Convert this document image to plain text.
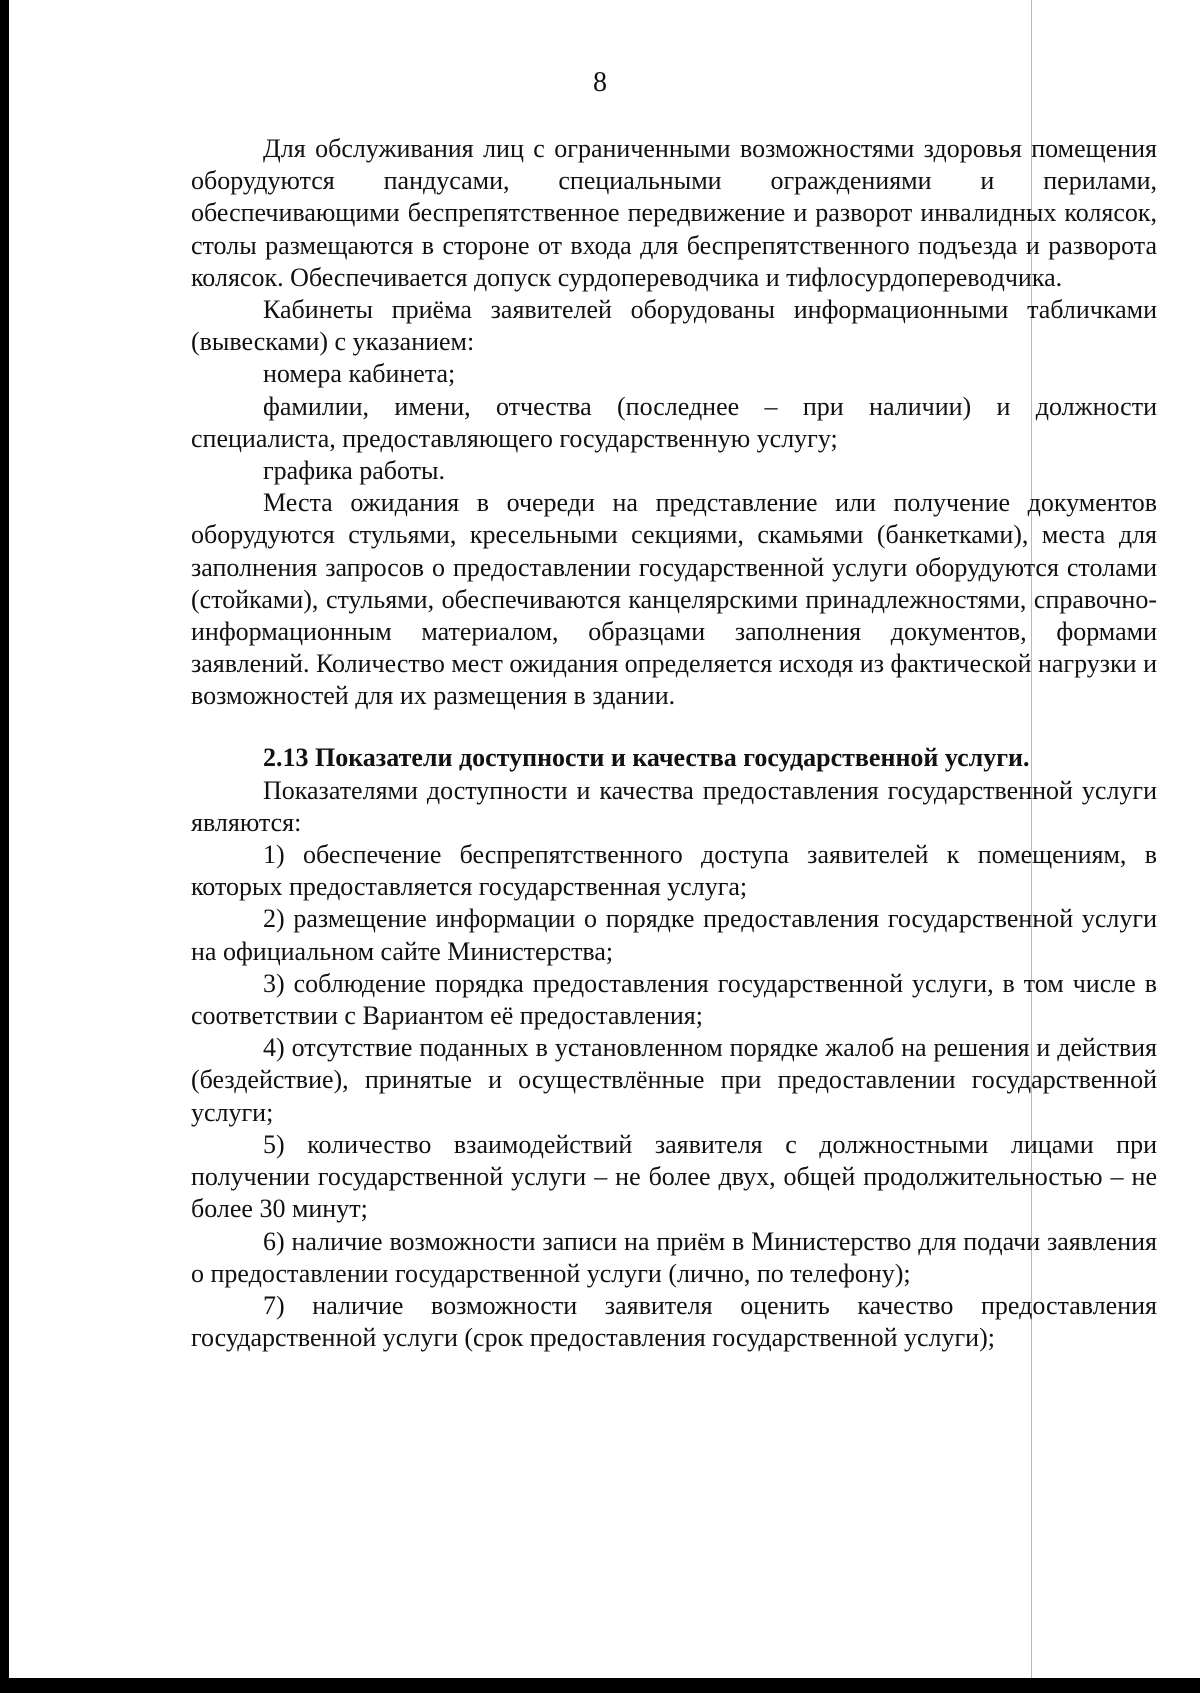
8

Для обслуживания лиц с ограниченными возможностями здоровья помещения оборудуются пандусами, специальными ограждениями и перилами, обеспечивающими беспрепятственное передвижение и разворот инвалидных колясок, столы размещаются в стороне от входа для беспрепятственного подъезда и разворота колясок. Обеспечивается допуск сурдопереводчика и тифлосурдопереводчика.

Кабинеты приёма заявителей оборудованы информационными табличками (вывесками) с указанием:

номера кабинета;

фамилии, имени, отчества (последнее – при наличии) и должности специалиста, предоставляющего государственную услугу;

графика работы.

Места ожидания в очереди на представление или получение документов оборудуются стульями, кресельными секциями, скамьями (банкетками), места для заполнения запросов о предоставлении государственной услуги оборудуются столами (стойками), стульями, обеспечиваются канцелярскими принадлежностями, справочно-информационным материалом, образцами заполнения документов, формами заявлений. Количество мест ожидания определяется исходя из фактической нагрузки и возможностей для их размещения в здании.

2.13 Показатели доступности и качества государственной услуги.

Показателями доступности и качества предоставления государственной услуги являются:

1) обеспечение беспрепятственного доступа заявителей к помещениям, в которых предоставляется государственная услуга;

2) размещение информации о порядке предоставления государственной услуги на официальном сайте Министерства;

3) соблюдение порядка предоставления государственной услуги, в том числе в соответствии с Вариантом её предоставления;

4) отсутствие поданных в установленном порядке жалоб на решения и действия (бездействие), принятые и осуществлённые при предоставлении государственной услуги;

5) количество взаимодействий заявителя с должностными лицами при получении государственной услуги – не более двух, общей продолжительностью – не более 30 минут;

6) наличие возможности записи на приём в Министерство для подачи заявления о предоставлении государственной услуги (лично, по телефону);

7) наличие возможности заявителя оценить качество предоставления государственной услуги (срок предоставления государственной услуги);
